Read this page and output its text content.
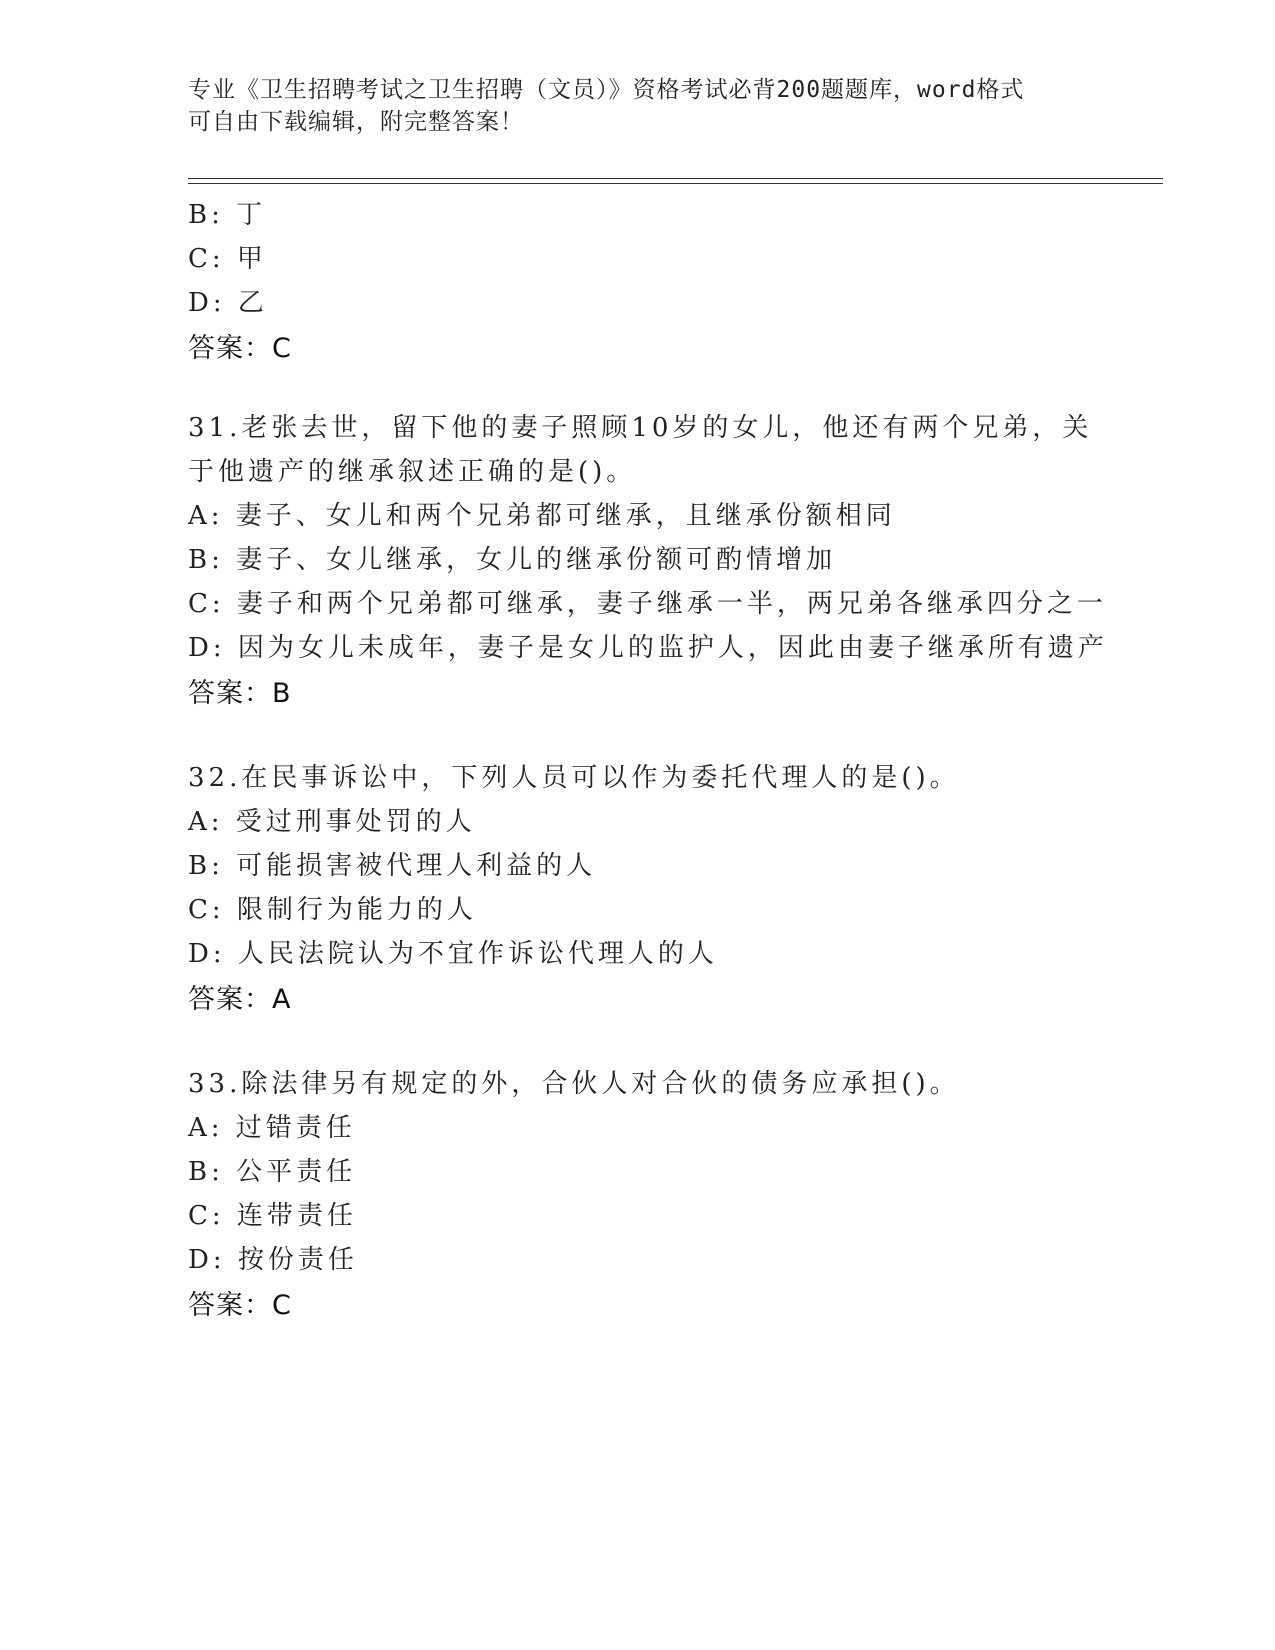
专业《卫生招聘考试之卫生招聘（文员）》资格考试必背200题题库，word格式
可自由下载编辑，附完整答案！
B: 丁
C: 甲
D: 乙
答案：C
31.老张去世，留下他的妻子照顾10岁的女儿，他还有两个兄弟，关
于他遗产的继承叙述正确的是()。
A: 妻子、女儿和两个兄弟都可继承，且继承份额相同
B: 妻子、女儿继承，女儿的继承份额可酌情增加
C: 妻子和两个兄弟都可继承，妻子继承一半，两兄弟各继承四分之一
D: 因为女儿未成年，妻子是女儿的监护人，因此由妻子继承所有遗产
答案：B
32.在民事诉讼中，下列人员可以作为委托代理人的是()。
A: 受过刑事处罚的人
B: 可能损害被代理人利益的人
C: 限制行为能力的人
D: 人民法院认为不宜作诉讼代理人的人
答案：A
33.除法律另有规定的外，合伙人对合伙的债务应承担()。
A: 过错责任
B: 公平责任
C: 连带责任
D: 按份责任
答案：C
